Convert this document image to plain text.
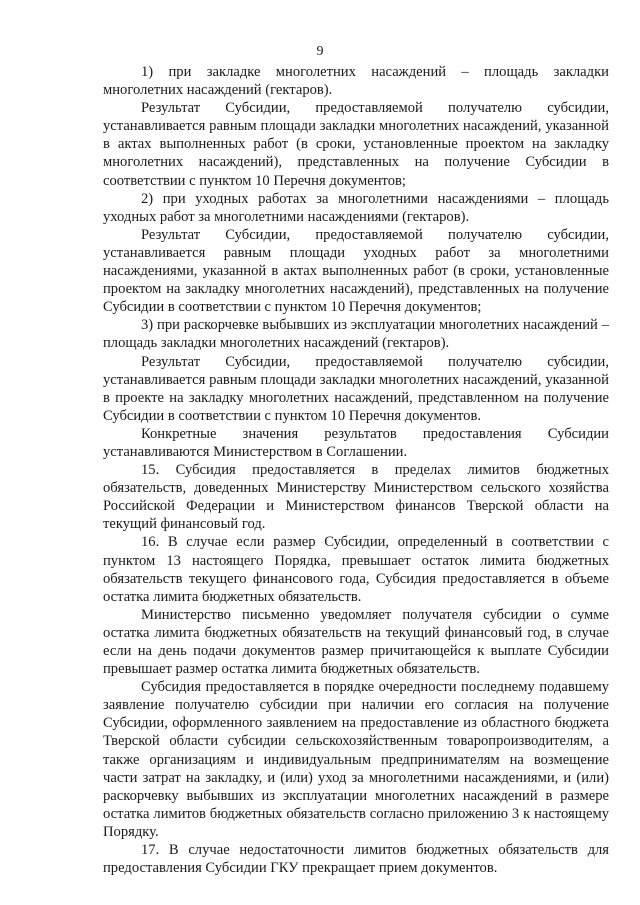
9

1) при закладке многолетних насаждений – площадь закладки многолетних насаждений (гектаров).

Результат Субсидии, предоставляемой получателю субсидии, устанавливается равным площади закладки многолетних насаждений, указанной в актах выполненных работ (в сроки, установленные проектом на закладку многолетних насаждений), представленных на получение Субсидии в соответствии с пунктом 10 Перечня документов;

2) при уходных работах за многолетними насаждениями – площадь уходных работ за многолетними насаждениями (гектаров).

Результат Субсидии, предоставляемой получателю субсидии, устанавливается равным площади уходных работ за многолетними насаждениями, указанной в актах выполненных работ (в сроки, установленные проектом на закладку многолетних насаждений), представленных на получение Субсидии в соответствии с пунктом 10 Перечня документов;

3) при раскорчевке выбывших из эксплуатации многолетних насаждений – площадь закладки многолетних насаждений (гектаров).

Результат Субсидии, предоставляемой получателю субсидии, устанавливается равным площади закладки многолетних насаждений, указанной в проекте на закладку многолетних насаждений, представленном на получение Субсидии в соответствии с пунктом 10 Перечня документов.

Конкретные значения результатов предоставления Субсидии устанавливаются Министерством в Соглашении.

15. Субсидия предоставляется в пределах лимитов бюджетных обязательств, доведенных Министерству Министерством сельского хозяйства Российской Федерации и Министерством финансов Тверской области на текущий финансовый год.

16. В случае если размер Субсидии, определенный в соответствии с пунктом 13 настоящего Порядка, превышает остаток лимита бюджетных обязательств текущего финансового года, Субсидия предоставляется в объеме остатка лимита бюджетных обязательств.

Министерство письменно уведомляет получателя субсидии о сумме остатка лимита бюджетных обязательств на текущий финансовый год, в случае если на день подачи документов размер причитающейся к выплате Субсидии превышает размер остатка лимита бюджетных обязательств.

Субсидия предоставляется в порядке очередности последнему подавшему заявление получателю субсидии при наличии его согласия на получение Субсидии, оформленного заявлением на предоставление из областного бюджета Тверской области субсидии сельскохозяйственным товаропроизводителям, а также организациям и индивидуальным предпринимателям на возмещение части затрат на закладку, и (или) уход за многолетними насаждениями, и (или) раскорчевку выбывших из эксплуатации многолетних насаждений в размере остатка лимитов бюджетных обязательств согласно приложению 3 к настоящему Порядку.

17. В случае недостаточности лимитов бюджетных обязательств для предоставления Субсидии ГКУ прекращает прием документов.
